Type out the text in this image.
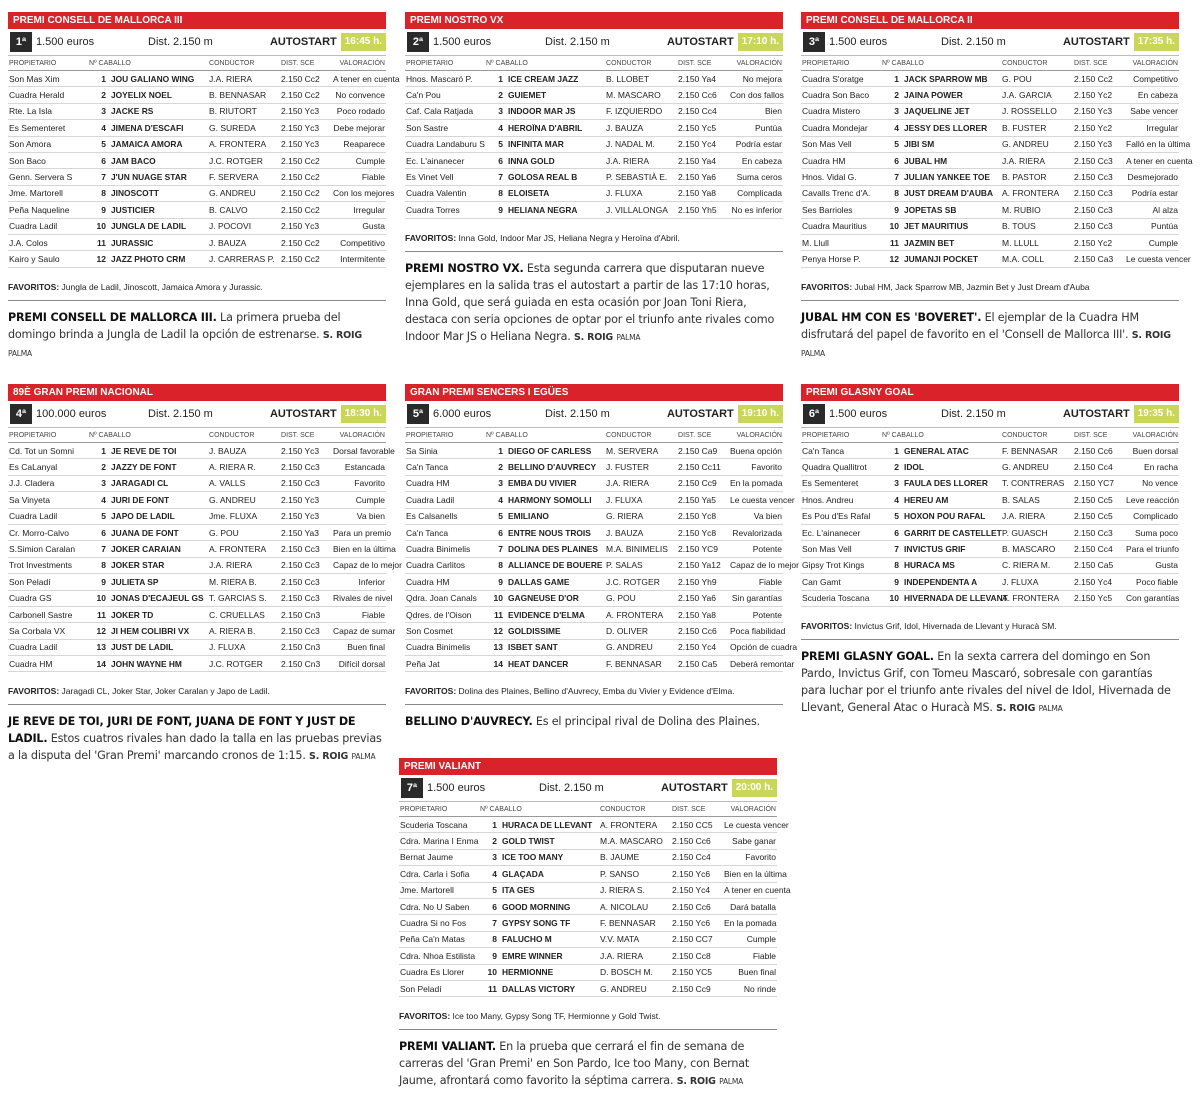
PREMI CONSELL DE MALLORCA III
1ª 1.500 euros	Dist. 2.150 m	AUTOSTART 16:45 h.
PROPIETARIO	Nº CABALLO		CONDUCTOR	DIST. SCE	VALORACIÓN
Son Mas Xim	1	JOU GALIANO WING	J.A. RIERA	2.150 Cc2	A tener en cuenta
Cuadra Herald	2	JOYELIX NOEL	B. BENNASAR	2.150 Cc2	No convence
Rte. La Isla	3	JACKE RS	B. RIUTORT	2.150 Yc3	Poco rodado
Es Sementeret	4	JIMENA D'ESCAFI	G. SUREDA	2.150 Yc3	Debe mejorar
Son Amora	5	JAMAICA AMORA	A. FRONTERA	2.150 Yc3	Reaparece
Son Baco	6	JAM BACO	J.C. ROTGER	2.150 Cc2	Cumple
Genn. Servera S	7	J'UN NUAGE STAR	F. SERVERA	2.150 Cc2	Fiable
Jme. Martorell	8	JINOSCOTT	G. ANDREU	2.150 Cc2	Con los mejores
Peña Naqueline	9	JUSTICIER	B. CALVO	2.150 Cc2	Irregular
Cuadra Ladil	10	JUNGLA DE LADIL	J. POCOVI	2.150 Yc3	Gusta
J.A. Colos	11	JURASSIC	J. BAUZA	2.150 Cc2	Competitivo
Kairo y Saulo	12	JAZZ PHOTO CRM	J. CARRERAS P.	2.150 Cc2	Intermitente
FAVORITOS: Jungla de Ladil, Jinoscott, Jamaica Amora y Jurassic.
PREMI CONSELL DE MALLORCA III. La primera prueba del domingo brinda a Jungla de Ladil la opción de estrenarse. S. ROIG PALMA
PREMI NOSTRO VX
2ª 1.500 euros	Dist. 2.150 m	AUTOSTART 17:10 h.
PROPIETARIO	Nº CABALLO		CONDUCTOR	DIST. SCE	VALORACIÓN
Hnos. Mascaró P.	1	ICE CREAM JAZZ	B. LLOBET	2.150 Ya4	No mejora
Ca'n Pou	2	GUIEMET	M. MASCARO	2.150 Cc6	Con dos fallos
Caf. Cala Ratjada	3	INDOOR MAR JS	F. IZQUIERDO	2.150 Cc4	Bien
Son Sastre	4	HEROÏNA D'ABRIL	J. BAUZA	2.150 Yc5	Puntúa
Cuadra Landaburu S	5	INFINITA MAR	J. NADAL M.	2.150 Yc4	Podría estar
Ec. L'ainanecer	6	INNA GOLD	J.A. RIERA	2.150 Ya4	En cabeza
Es Vinet Vell	7	GOLOSA REAL B	P. SEBASTIÀ E.	2.150 Ya6	Suma ceros
Cuadra Valentin	8	ELOISETA	J. FLUXA	2.150 Ya8	Complicada
Cuadra Torres	9	HELIANA NEGRA	J. VILLALONGA	2.150 Yh5	No es inferior
FAVORITOS: Inna Gold, Indoor Mar JS, Heliana Negra y Heroïna d'Abril.
PREMI NOSTRO VX. Esta segunda carrera que disputaran nueve ejemplares en la salida tras el autostart a partir de las 17:10 horas, Inna Gold, que será guiada en esta ocasión por Joan Toni Riera, destaca con seria opciones de optar por el triunfo ante rivales como Indoor Mar JS o Heliana Negra. S. ROIG PALMA
PREMI CONSELL DE MALLORCA II
3ª 1.500 euros	Dist. 2.150 m	AUTOSTART 17:35 h.
PROPIETARIO	Nº CABALLO		CONDUCTOR	DIST. SCE	VALORACIÓN
Cuadra S'oratge	1	JACK SPARROW MB	G. POU	2.150 Cc2	Competitivo
Cuadra Son Baco	2	JAINA POWER	J.A. GARCIA	2.150 Yc2	En cabeza
Cuadra Mistero	3	JAQUELINE JET	J. ROSSELLO	2.150 Yc3	Sabe vencer
Cuadra Mondejar	4	JESSY DES LLORER	B. FUSTER	2.150 Yc2	Irregular
Son Mas Vell	5	JIBI SM	G. ANDREU	2.150 Yc3	Falló en la última
Cuadra HM	6	JUBAL HM	J.A. RIERA	2.150 Cc3	A tener en cuenta
Hnos. Vidal G.	7	JULIAN YANKEE TOE	B. PASTOR	2.150 Cc3	Desmejorado
Cavalls Trenc d'A.	8	JUST DREAM D'AUBA	A. FRONTERA	2.150 Cc3	Podría estar
Ses Barrioles	9	JOPETAS SB	M. RUBIO	2.150 Cc3	Al alza
Cuadra Mauritius	10	JET MAURITIUS	B. TOUS	2.150 Cc3	Puntúa
M. Llull	11	JAZMIN BET	M. LLULL	2.150 Yc2	Cumple
Penya Horse P.	12	JUMANJI POCKET	M.A. COLL	2.150 Ca3	Le cuesta vencer
FAVORITOS: Jubal HM, Jack Sparrow MB, Jazmin Bet y Just Dream d'Auba
JUBAL HM CON ES 'BOVERET'. El ejemplar de la Cuadra HM disfrutará del papel de favorito en el 'Consell de Mallorca III'. S. ROIG PALMA
89È GRAN PREMI NACIONAL
4ª 100.000 euros	Dist. 2.150 m	AUTOSTART 18:30 h.
PROPIETARIO	Nº CABALLO		CONDUCTOR	DIST. SCE	VALORACIÓN
Cd. Tot un Somni	1	JE REVE DE TOI	J. BAUZA	2.150 Yc3	Dorsal favorable
Es CaLanyal	2	JAZZY DE FONT	A. RIERA R.	2.150 Cc3	Estancada
J.J. Cladera	3	JARAGADI CL	A. VALLS	2.150 Cc3	Favorito
Sa Vinyeta	4	JURI DE FONT	G. ANDREU	2.150 Yc3	Cumple
Cuadra Ladil	5	JAPO DE LADIL	Jme. FLUXA	2.150 Yc3	Va bien
Cr. Morro-Calvo	6	JUANA DE FONT	G. POU	2.150 Ya3	Para un premio
S.Simion Caralan	7	JOKER CARAIAN	A. FRONTERA	2.150 Cc3	Bien en la última
Trot Investments	8	JOKER STAR	J.A. RIERA	2.150 Cc3	Capaz de lo mejor
Son Peladí	9	JULIETA SP	M. RIERA B.	2.150 Cc3	Inferior
Cuadra GS	10	JONAS D'ECAJEUL GS	T. GARCIAS S.	2.150 Cc3	Rivales de nivel
Carbonell Sastre	11	JOKER TD	C. CRUELLAS	2.150 Cn3	Fiable
Sa Corbala VX	12	JI HEM COLIBRI VX	A. RIERA B.	2.150 Cc3	Capaz de sumar
Cuadra Ladil	13	JUST DE LADIL	J. FLUXA	2.150 Cn3	Buen final
Cuadra HM	14	JOHN WAYNE HM	J.C. ROTGER	2.150 Cn3	Difícil dorsal
FAVORITOS: Jaragadi CL, Joker Star, Joker Caralan y Japo de Ladil.
JE REVE DE TOI, JURI DE FONT, JUANA DE FONT Y JUST DE LADIL. Estos cuatros rivales han dado la talla en las pruebas previas a la disputa del 'Gran Premi' marcando cronos de 1:15. S. ROIG PALMA
GRAN PREMI SENCERS I EGÜES
5ª 6.000 euros	Dist. 2.150 m	AUTOSTART 19:10 h.
PROPIETARIO	Nº CABALLO		CONDUCTOR	DIST. SCE	VALORACIÓN
Sa Sinia	1	DIEGO OF CARLESS	M. SERVERA	2.150 Ca9	Buena opción
Ca'n Tanca	2	BELLINO D'AUVRECY	J. FUSTER	2.150 Cc11	Favorito
Cuadra HM	3	EMBA DU VIVIER	J.A. RIERA	2.150 Cc9	En la pomada
Cuadra Ladil	4	HARMONY SOMOLLI	J. FLUXA	2.150 Ya5	Le cuesta vencer
Es Calsanells	5	EMILIANO	G. RIERA	2.150 Yc8	Va bien
Ca'n Tanca	6	ENTRE NOUS TROIS	J. BAUZA	2.150 Yc8	Revalorizada
Cuadra Binimelis	7	DOLINA DES PLAINES	M.A. BINIMELIS	2.150 YC9	Potente
Cuadra Carlitos	8	ALLIANCE DE BOUERE	P. SALAS	2.150 Ya12	Capaz de lo mejor
Cuadra HM	9	DALLAS GAME	J.C. ROTGER	2.150 Yh9	Fiable
Qdra. Joan Canals	10	GAGNEUSE D'OR	G. POU	2.150 Ya6	Sin garantías
Qdres. de l'Oison	11	EVIDENCE D'ELMA	A. FRONTERA	2.150 Ya8	Potente
Son Cosmet	12	GOLDISSIME	D. OLIVER	2.150 Cc6	Poca fiabilidad
Cuadra Binimelis	13	ISBET SANT	G. ANDREU	2.150 Yc4	Opción de cuadra
Peña Jat	14	HEAT DANCER	F. BENNASAR	2.150 Ca5	Deberá remontar
FAVORITOS: Dolina des Plaines, Bellino d'Auvrecy, Emba du Vivier y Evidence d'Elma.
BELLINO D'AUVRECY. Es el principal rival de Dolina des Plaines.
PREMI GLASNY GOAL
6ª 1.500 euros	Dist. 2.150 m	AUTOSTART 19:35 h.
PROPIETARIO	Nº CABALLO		CONDUCTOR	DIST. SCE	VALORACIÓN
Ca'n Tanca	1	GENERAL ATAC	F. BENNASAR	2.150 Cc6	Buen dorsal
Quadra Quallitrot	2	IDOL	G. ANDREU	2.150 Cc4	En racha
Es Sementeret	3	FAULA DES LLORER	T. CONTRERAS	2.150 YC7	No vence
Hnos. Andreu	4	HEREU AM	B. SALAS	2.150 Cc5	Leve reacción
Es Pou d'Es Rafal	5	HOXON POU RAFAL	J.A. RIERA	2.150 Cc5	Complicado
Ec. L'ainanecer	6	GARRIT DE CASTELLET	P. GUASCH	2.150 Cc3	Suma poco
Son Mas Vell	7	INVICTUS GRIF	B. MASCARO	2.150 Cc4	Para el triunfo
Gipsy Trot Kings	8	HURACA MS	C. RIERA M.	2.150 Ca5	Gusta
Can Gamt	9	INDEPENDENTA A	J. FLUXA	2.150 Yc4	Poco fiable
Scuderia Toscana	10	HIVERNADA DE LLEVANT	A. FRONTERA	2.150 Yc5	Con garantías
FAVORITOS: Invictus Grif, Idol, Hivernada de Llevant y Huracà SM.
PREMI GLASNY GOAL. En la sexta carrera del domingo en Son Pardo, Invictus Grif, con Tomeu Mascaró, sobresale con garantías para luchar por el triunfo ante rivales del nivel de Idol, Hivernada de Llevant, General Atac o Huracà MS. S. ROIG PALMA
PREMI VALIANT
7ª 1.500 euros	Dist. 2.150 m	AUTOSTART 20:00 h.
PROPIETARIO	Nº CABALLO		CONDUCTOR	DIST. SCE	VALORACIÓN
Scuderia Toscana	1	HURACA DE LLEVANT	A. FRONTERA	2.150 CC5	Le cuesta vencer
Cdra. Marina I Enma	2	GOLD TWIST	M.A. MASCARO	2.150 Cc6	Sabe ganar
Bernat Jaume	3	ICE TOO MANY	B. JAUME	2.150 Cc4	Favorito
Cdra. Carla i Sofia	4	GLAÇADA	P. SANSO	2.150 Yc6	Bien en la última
Jme. Martorell	5	ITA GES	J. RIERA S.	2.150 Yc4	A tener en cuenta
Cdra. No U Saben	6	GOOD MORNING	A. NICOLAU	2.150 Cc6	Dará batalla
Cuadra Si no Fos	7	GYPSY SONG TF	F. BENNASAR	2.150 Yc6	En la pomada
Peña Ca'n Matas	8	FALUCHO M	V.V. MATA	2.150 CC7	Cumple
Cdra. Nhoa Estilista	9	EMRE WINNER	J.A. RIERA	2.150 Cc8	Fiable
Cuadra Es Llorer	10	HERMIONNE	D. BOSCH M.	2.150 YC5	Buen final
Son Peladí	11	DALLAS VICTORY	G. ANDREU	2.150 Cc9	No rinde
FAVORITOS: Ice too Many, Gypsy Song TF, Hermionne y Gold Twist.
PREMI VALIANT. En la prueba que cerrará el fin de semana de carreras del 'Gran Premi' en Son Pardo, Ice too Many, con Bernat Jaume, afrontará como favorito la séptima carrera. S. ROIG PALMA
